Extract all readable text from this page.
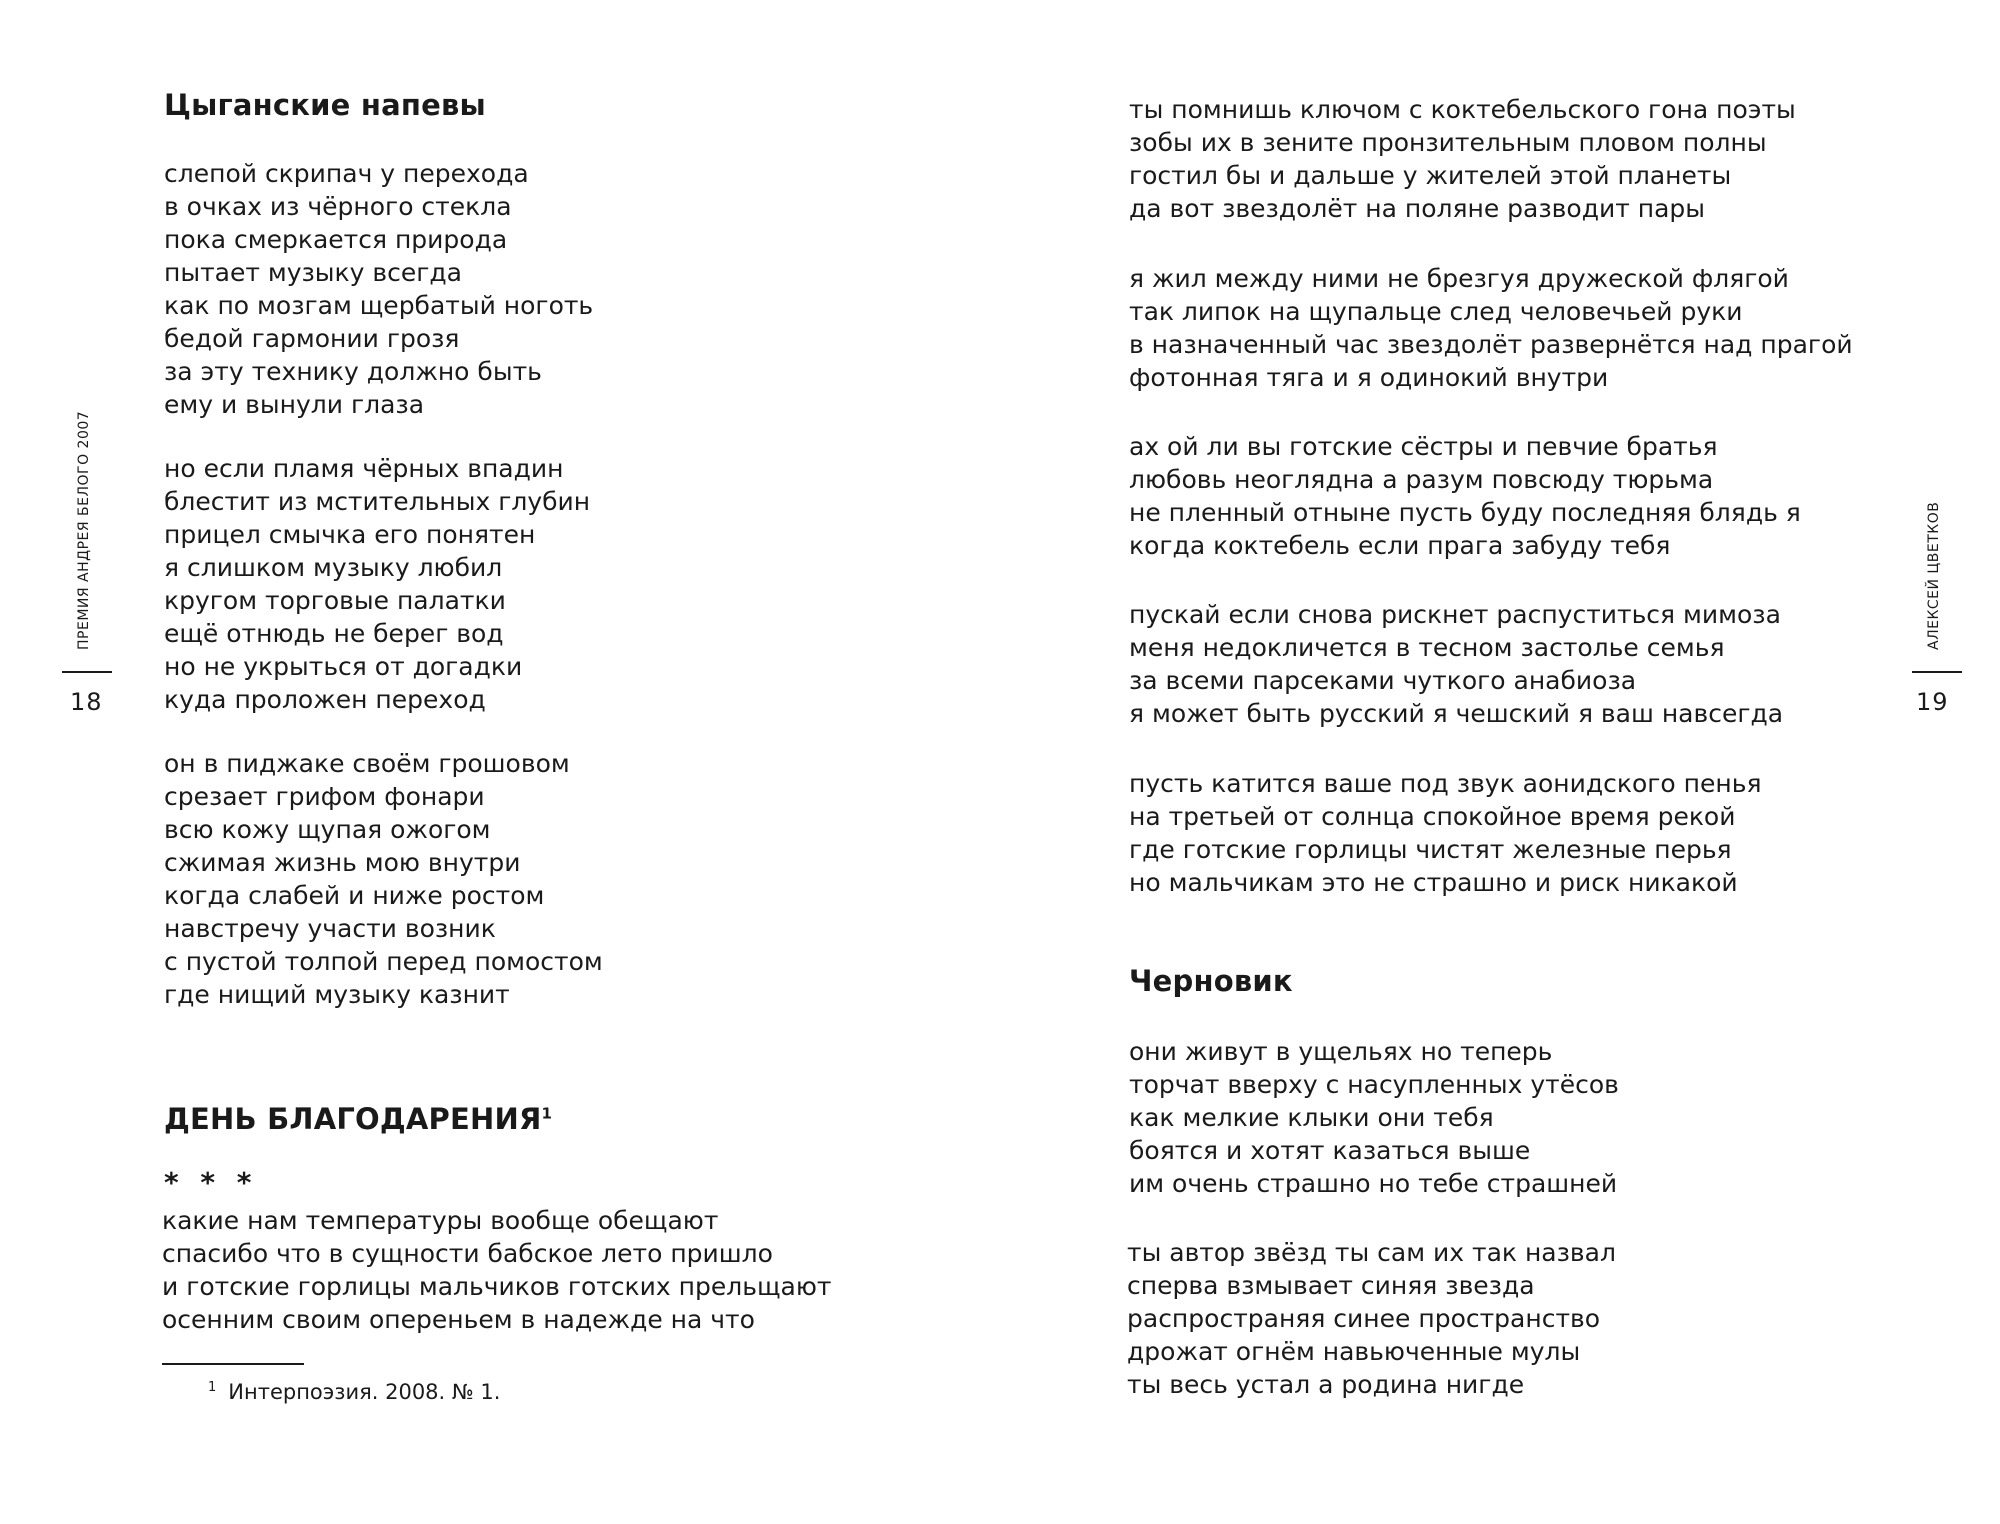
Цыганские напевы
слепой скрипач у перехода
в очках из чёрного стекла
пока смеркается природа
пытает музыку всегда
как по мозгам щербатый ноготь
бедой гармонии грозя
за эту технику должно быть
ему и вынули глаза
но если пламя чёрных впадин
блестит из мстительных глубин
прицел смычка его понятен
я слишком музыку любил
кругом торговые палатки
ещё отнюдь не берег вод
но не укрыться от догадки
куда проложен переход
он в пиджаке своём грошовом
срезает грифом фонари
всю кожу щупая ожогом
сжимая жизнь мою внутри
когда слабей и ниже ростом
навстречу участи возник
с пустой толпой перед помостом
где нищий музыку казнит
ДЕНЬ БЛАГОДАРЕНИЯ$^1$
* * *
какие нам температуры вообще обещают
спасибо что в сущности бабское лето пришло
и готские горлицы мальчиков готских прельщают
осенним своим опереньем в надежде на что
$^1$ Интерпоэзия. 2008. № 1.
ПРЕМИЯ АНДРЕЯ БЕЛОГО 2007
18
ты помнишь ключом с коктебельского гона поэты
зобы их в зените пронзительным пловом полны
гостил бы и дальше у жителей этой планеты
да вот звездолёт на поляне разводит пары
я жил между ними не брезгуя дружеской флягой
так липок на щупальце след человечьей руки
в назначенный час звездолёт развернётся над прагой
фотонная тяга и я одинокий внутри
ах ой ли вы готские сёстры и певчие братья
любовь неоглядна а разум повсюду тюрьма
не пленный отныне пусть буду последняя блядь я
когда коктебель если прага забуду тебя
пускай если снова рискнет распуститься мимоза
меня недокличется в тесном застолье семья
за всеми парсеками чуткого анабиоза
я может быть русский я чешский я ваш навсегда
пусть катится ваше под звук аонидского пенья
на третьей от солнца спокойное время рекой
где готские горлицы чистят железные перья
но мальчикам это не страшно и риск никакой
Черновик
они живут в ущельях но теперь
торчат вверху с насупленных утёсов
как мелкие клыки они тебя
боятся и хотят казаться выше
им очень страшно но тебе страшней
ты автор звёзд ты сам их так назвал
сперва взмывает синяя звезда
распространяя синее пространство
дрожат огнём навьюченные мулы
ты весь устал а родина нигде
АЛЕКСЕЙ ЦВЕТКОВ
19
